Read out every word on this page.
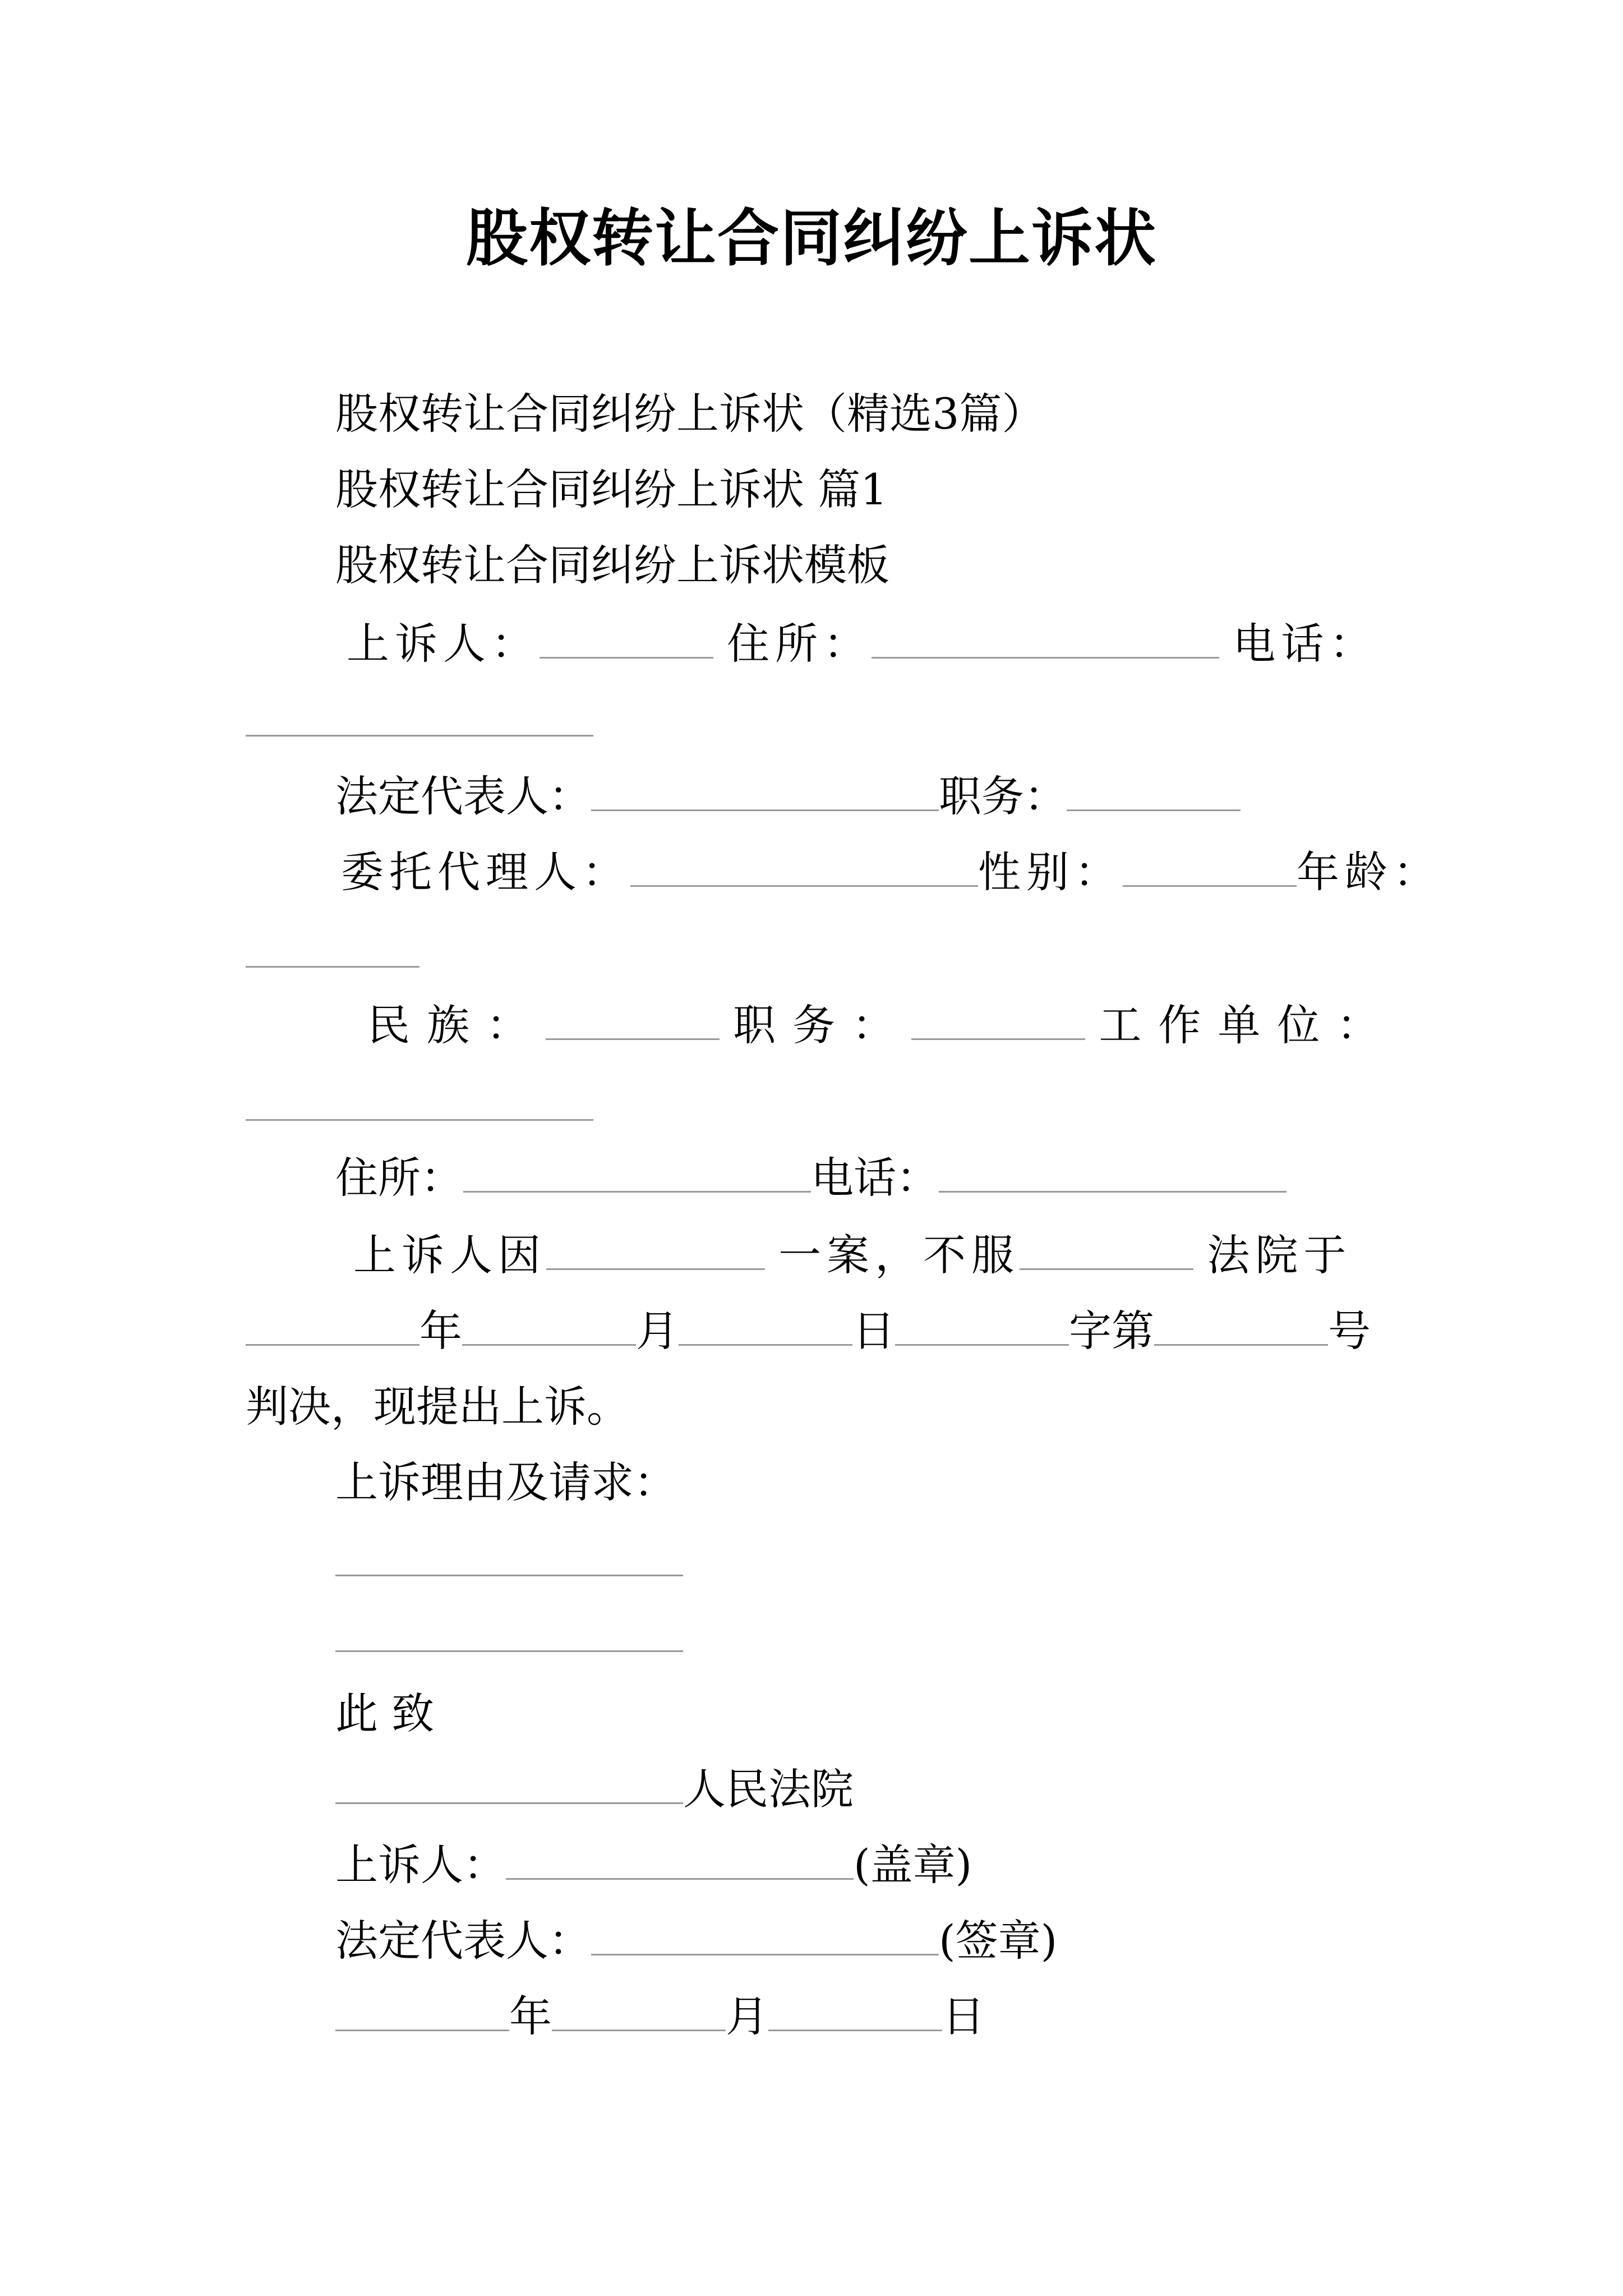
股权转让合同纠纷上诉状
股权转让合同纠纷上诉状（精选3篇）
股权转让合同纠纷上诉状 篇1
股权转让合同纠纷上诉状模板
上诉人：	住所：	电话：
法定代表人：	职务：
委托代理人：	性别：	年龄：
民族：	职务：	工作单位：
住所：	电话：
上诉人因	一案，不服	法院于
年	月	日	字第	号
判决，现提出上诉。
上诉理由及请求：
此 致
人民法院
上诉人：	(盖章)
法定代表人：	(签章)
年	月	日
